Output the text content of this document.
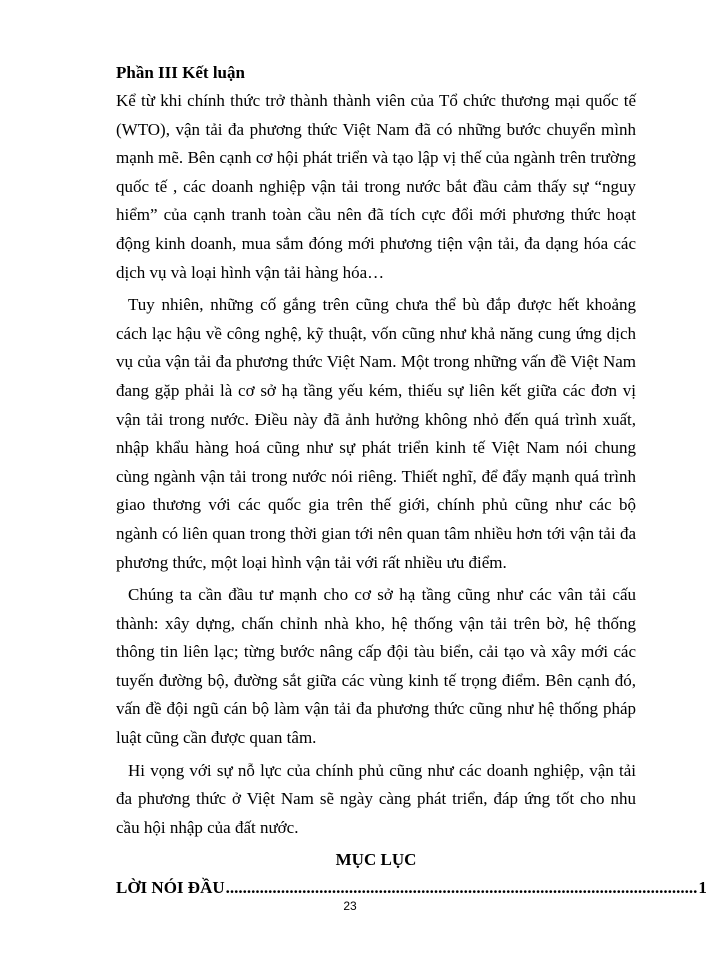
Phần III Kết luận

Kể từ khi chính thức trở thành thành viên của Tổ chức thương mại quốc tế (WTO), vận tải đa phương thức Việt Nam đã có những bước chuyển mình mạnh mẽ. Bên cạnh cơ hội phát triển và tạo lập vị thế của ngành trên trường quốc tế , các doanh nghiệp vận tải trong nước bắt đầu cảm thấy sự “nguy hiểm” của cạnh tranh toàn cầu nên đã tích cực đổi mới phương thức hoạt động kinh doanh, mua sắm đóng mới phương tiện vận tải, đa dạng hóa các dịch vụ và loại hình vận tải hàng hóa…

Tuy nhiên, những cố gắng trên cũng chưa thể bù đắp được hết khoảng cách lạc hậu về công nghệ, kỹ thuật, vốn cũng như khả năng cung ứng dịch vụ của vận tải đa phương thức Việt Nam. Một trong những vấn đề Việt Nam đang gặp phải là cơ sở hạ tầng yếu kém, thiếu sự liên kết giữa các đơn vị vận tải trong nước. Điều này đã ảnh hưởng không nhỏ đến quá trình xuất, nhập khẩu hàng hoá cũng như sự phát triển kinh tế Việt Nam nói chung cùng ngành vận tải trong nước nói riêng. Thiết nghĩ, để đẩy mạnh quá trình giao thương với các quốc gia trên thế giới, chính phủ cũng như các bộ ngành có liên quan trong thời gian tới nên quan tâm nhiều hơn tới vận tải đa phương thức, một loại hình vận tải với rất nhiều ưu điểm.

Chúng ta cần đầu tư mạnh cho cơ sở hạ tầng cũng như các vân tải cấu thành: xây dựng, chấn chỉnh nhà kho, hệ thống vận tải trên bờ, hệ thống thông tin liên lạc; từng bước nâng cấp đội tàu biển, cải tạo và xây mới các tuyến đường bộ, đường sắt giữa các vùng kinh tế trọng điểm. Bên cạnh đó, vấn đề đội ngũ cán bộ làm vận tải đa phương thức cũng như hệ thống pháp luật cũng cần được quan tâm.

Hi vọng với sự nỗ lực của chính phủ cũng như các doanh nghiệp, vận tải đa phương thức ở Việt Nam sẽ ngày càng phát triển, đáp ứng tốt cho nhu cầu hội nhập của đất nước.

MỤC LỤC

LỜI NÓI ĐẦU ............................................................................................................... 1
23
